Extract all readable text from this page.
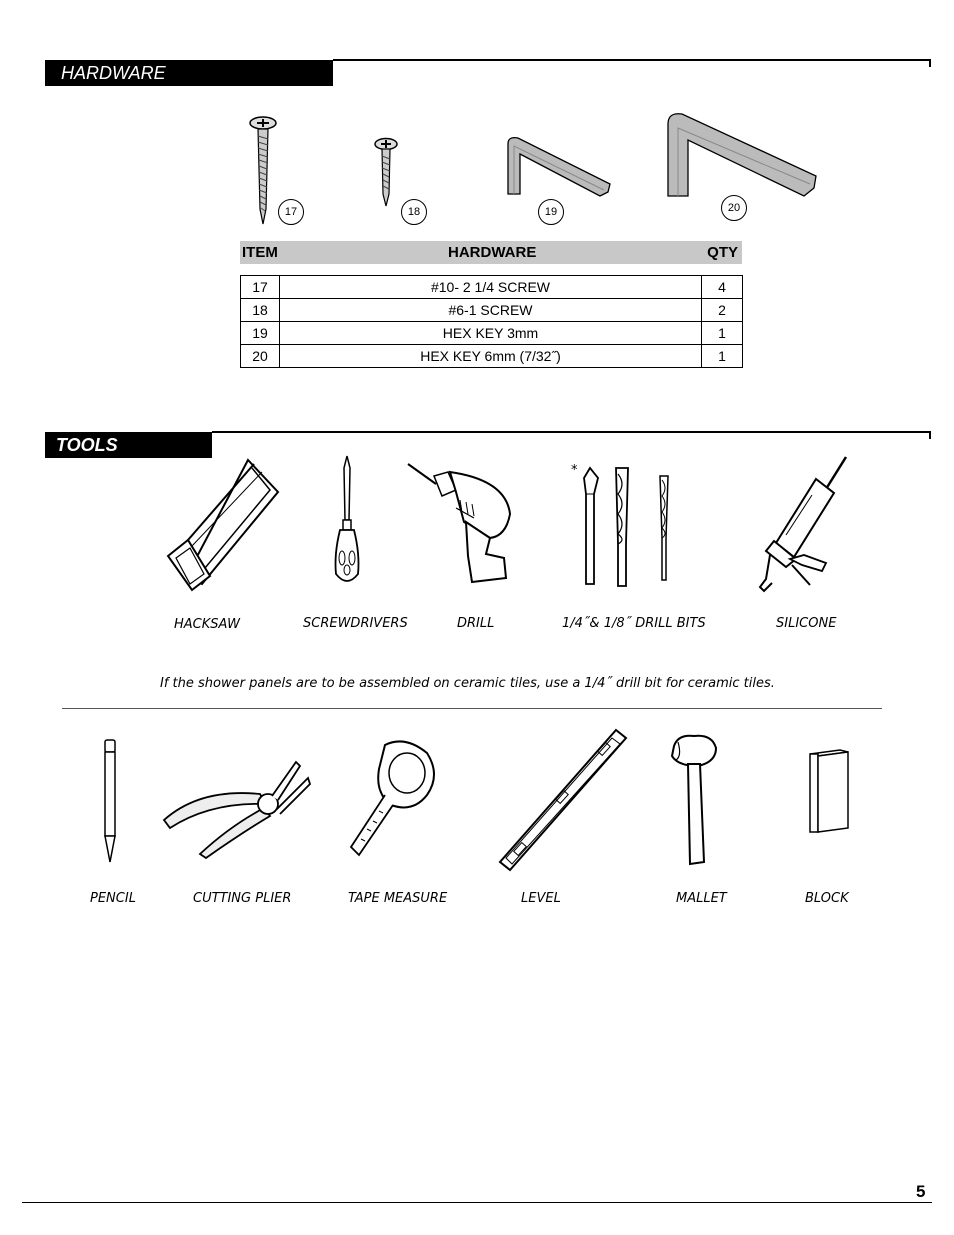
HARDWARE
17	18	19	20
ITEM	HARDWARE	QTY
17	#10- 2 1/4 SCREW	4
18	#6-1 SCREW	2
19	HEX KEY 3mm	1
20	HEX KEY 6mm (7/32˝)	1
TOOLS
*
HACKSAW	SCREWDRIVERS	DRILL	1/4˝& 1/8˝ DRILL BITS	SILICONE
If the shower panels are to be assembled on ceramic tiles, use a 1/4˝ drill bit for ceramic tiles.
PENCIL	CUTTING PLIER	TAPE MEASURE	LEVEL	MALLET	BLOCK
5
